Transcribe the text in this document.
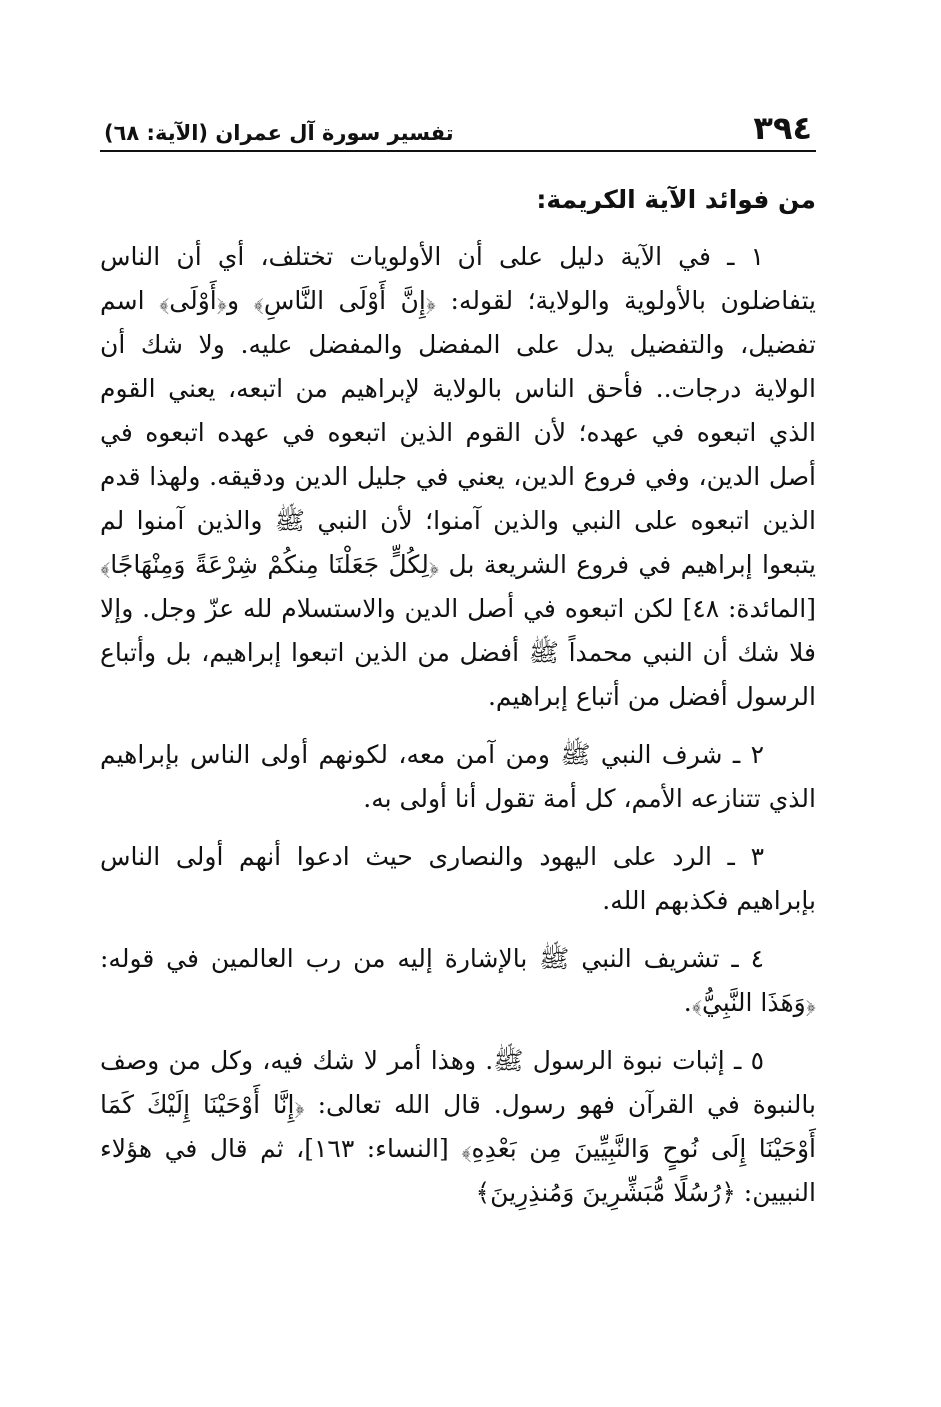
٣٩٤
تفسير سورة آل عمران (الآية: ٦٨)
من فوائد الآية الكريمة:

١ ـ في الآية دليل على أن الأولويات تختلف، أي أن الناس يتفاضلون بالأولوية والولاية؛ لقوله: ﴿إِنَّ أَوْلَى النَّاسِ﴾ و﴿أَوْلَى﴾ اسم تفضيل، والتفضيل يدل على المفضل والمفضل عليه. ولا شك أن الولاية درجات.. فأحق الناس بالولاية لإبراهيم من اتبعه، يعني القوم الذي اتبعوه في عهده؛ لأن القوم الذين اتبعوه في عهده اتبعوه في أصل الدين، وفي فروع الدين، يعني في جليل الدين ودقيقه. ولهذا قدم الذين اتبعوه على النبي والذين آمنوا؛ لأن النبي ﷺ والذين آمنوا لم يتبعوا إبراهيم في فروع الشريعة بل ﴿لِكُلٍّ جَعَلْنَا مِنكُمْ شِرْعَةً وَمِنْهَاجًا﴾ [المائدة: ٤٨] لكن اتبعوه في أصل الدين والاستسلام لله عزّ وجل. وإلا فلا شك أن النبي محمداً ﷺ أفضل من الذين اتبعوا إبراهيم، بل وأتباع الرسول أفضل من أتباع إبراهيم.

٢ ـ شرف النبي ﷺ ومن آمن معه، لكونهم أولى الناس بإبراهيم الذي تتنازعه الأمم، كل أمة تقول أنا أولى به.

٣ ـ الرد على اليهود والنصارى حيث ادعوا أنهم أولى الناس بإبراهيم فكذبهم الله.

٤ ـ تشريف النبي ﷺ بالإشارة إليه من رب العالمين في قوله: ﴿وَهَذَا النَّبِيُّ﴾.

٥ ـ إثبات نبوة الرسول ﷺ. وهذا أمر لا شك فيه، وكل من وصف بالنبوة في القرآن فهو رسول. قال الله تعالى: ﴿إِنَّا أَوْحَيْنَا إِلَيْكَ كَمَا أَوْحَيْنَا إِلَى نُوحٍ وَالنَّبِيِّينَ مِن بَعْدِهِ﴾ [النساء: ١٦٣]، ثم قال في هؤلاء النبيين: ﴿رُسُلًا مُّبَشِّرِينَ وَمُنذِرِينَ﴾
